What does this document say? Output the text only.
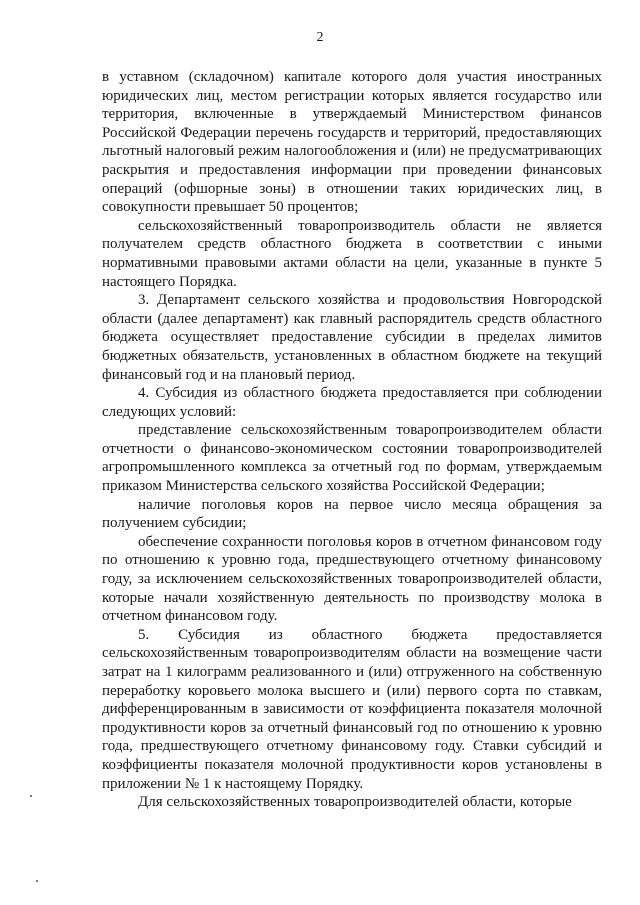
2

в уставном (складочном) капитале которого доля участия иностранных юридических лиц, местом регистрации которых является государство или территория, включенные в утверждаемый Министерством финансов Российской Федерации перечень государств и территорий, предоставляющих льготный налоговый режим налогообложения и (или) не предусматривающих раскрытия и предоставления информации при проведении финансовых операций (офшорные зоны) в отношении таких юридических лиц, в совокупности превышает 50 процентов;

сельскохозяйственный товаропроизводитель области не является получателем средств областного бюджета в соответствии с иными нормативными правовыми актами области на цели, указанные в пункте 5 настоящего Порядка.

3. Департамент сельского хозяйства и продовольствия Новгородской области (далее департамент) как главный распорядитель средств областного бюджета осуществляет предоставление субсидии в пределах лимитов бюджетных обязательств, установленных в областном бюджете на текущий финансовый год и на плановый период.

4. Субсидия из областного бюджета предоставляется при соблюдении следующих условий:

представление сельскохозяйственным товаропроизводителем области отчетности о финансово-экономическом состоянии товаропроизводителей агропромышленного комплекса за отчетный год по формам, утверждаемым приказом Министерства сельского хозяйства Российской Федерации;

наличие поголовья коров на первое число месяца обращения за получением субсидии;

обеспечение сохранности поголовья коров в отчетном финансовом году по отношению к уровню года, предшествующего отчетному финансовому году, за исключением сельскохозяйственных товаропроизводителей области, которые начали хозяйственную деятельность по производству молока в отчетном финансовом году.

5. Субсидия из областного бюджета предоставляется сельскохозяйственным товаропроизводителям области на возмещение части затрат на 1 килограмм реализованного и (или) отгруженного на собственную переработку коровьего молока высшего и (или) первого сорта по ставкам, дифференцированным в зависимости от коэффициента показателя молочной продуктивности коров за отчетный финансовый год по отношению к уровню года, предшествующего отчетному финансовому году. Ставки субсидий и коэффициенты показателя молочной продуктивности коров установлены в приложении № 1 к настоящему Порядку.

Для сельскохозяйственных товаропроизводителей области, которые
